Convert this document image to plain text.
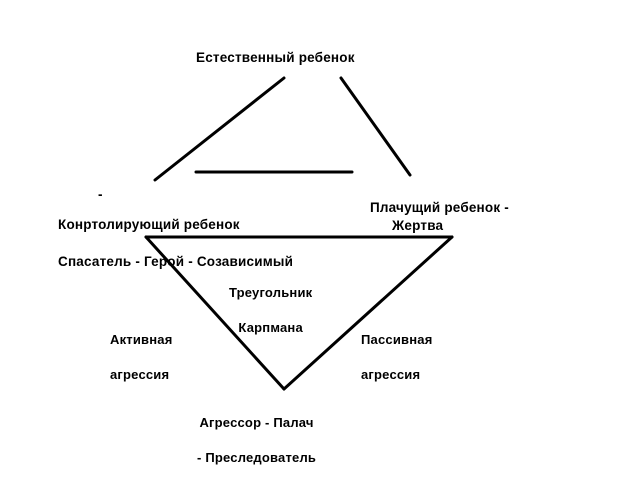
Естественный ребенок

-

Конртолирующий ребенок

Спасатель - Герой - Созависимый

Плачущий ребенок -

Жертва

Треугольник

Карпмана

Активная

агрессия

Пассивная

агрессия

Агрессор - Палач

- Преследователь
